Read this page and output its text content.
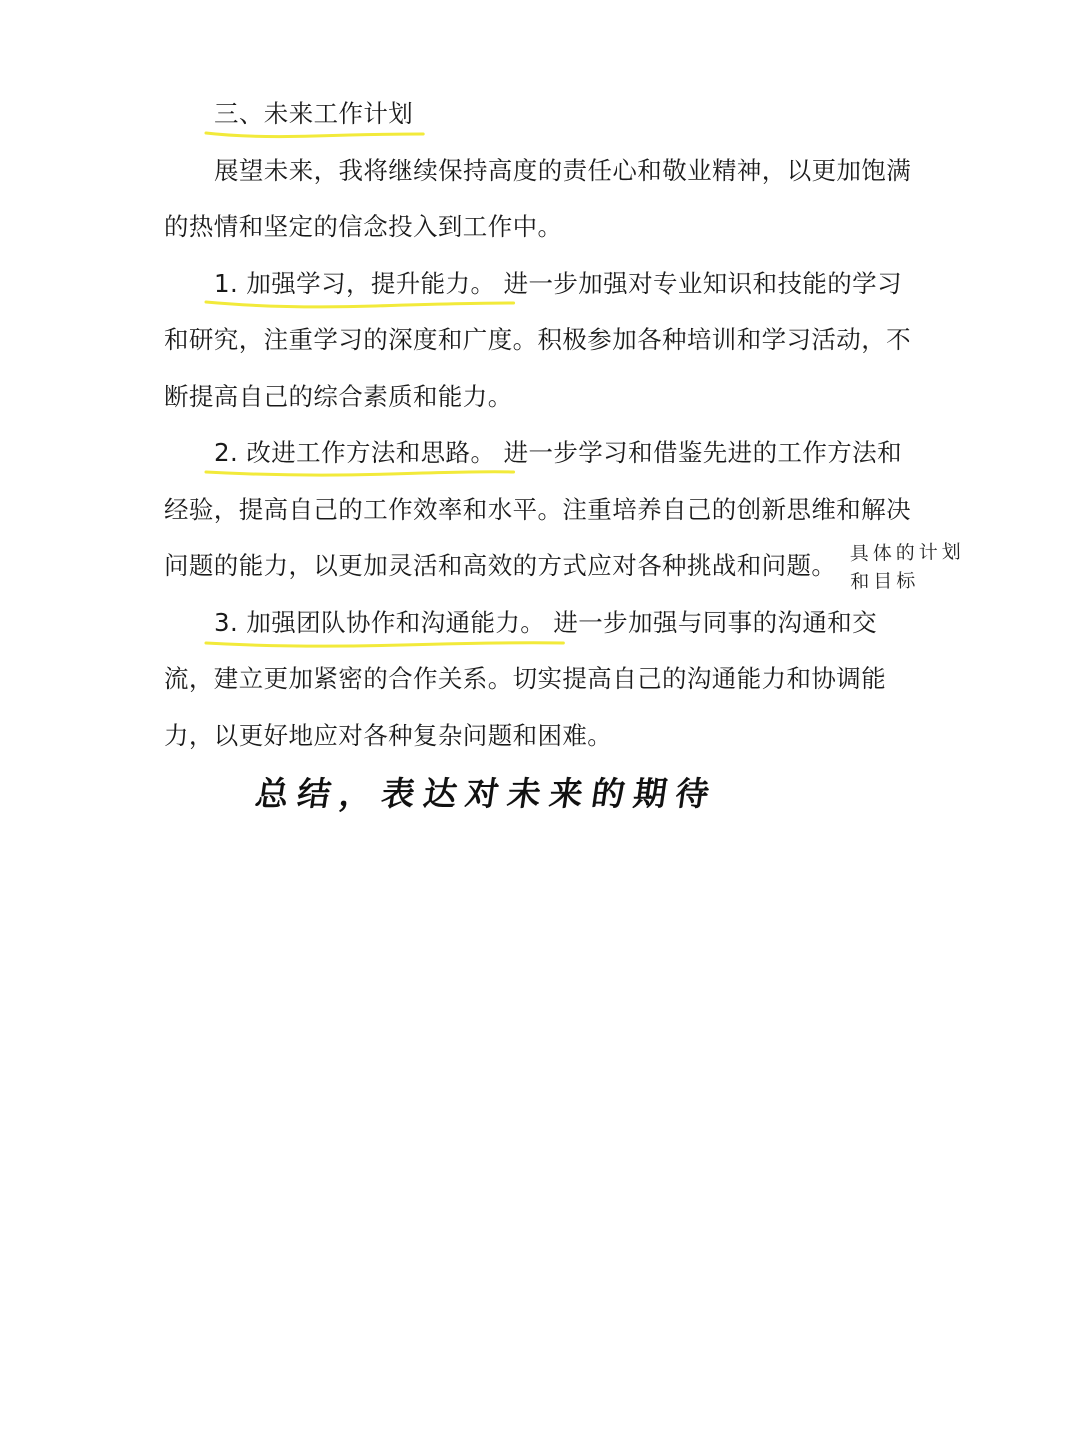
三、未来工作计划

展望未来，我将继续保持高度的责任心和敬业精神，以更加饱满的热情和坚定的信念投入到工作中。

1. 加强学习，提升能力。 进一步加强对专业知识和技能的学习和研究，注重学习的深度和广度。积极参加各种培训和学习活动，不断提高自己的综合素质和能力。

2. 改进工作方法和思路。 进一步学习和借鉴先进的工作方法和经验，提高自己的工作效率和水平。注重培养自己的创新思维和解决问题的能力，以更加灵活和高效的方式应对各种挑战和问题。

3. 加强团队协作和沟通能力。 进一步加强与同事的沟通和交流，建立更加紧密的合作关系。切实提高自己的沟通能力和协调能力，以更好地应对各种复杂问题和困难。

具体的计划
和目标
总结，表达对未来的期待
